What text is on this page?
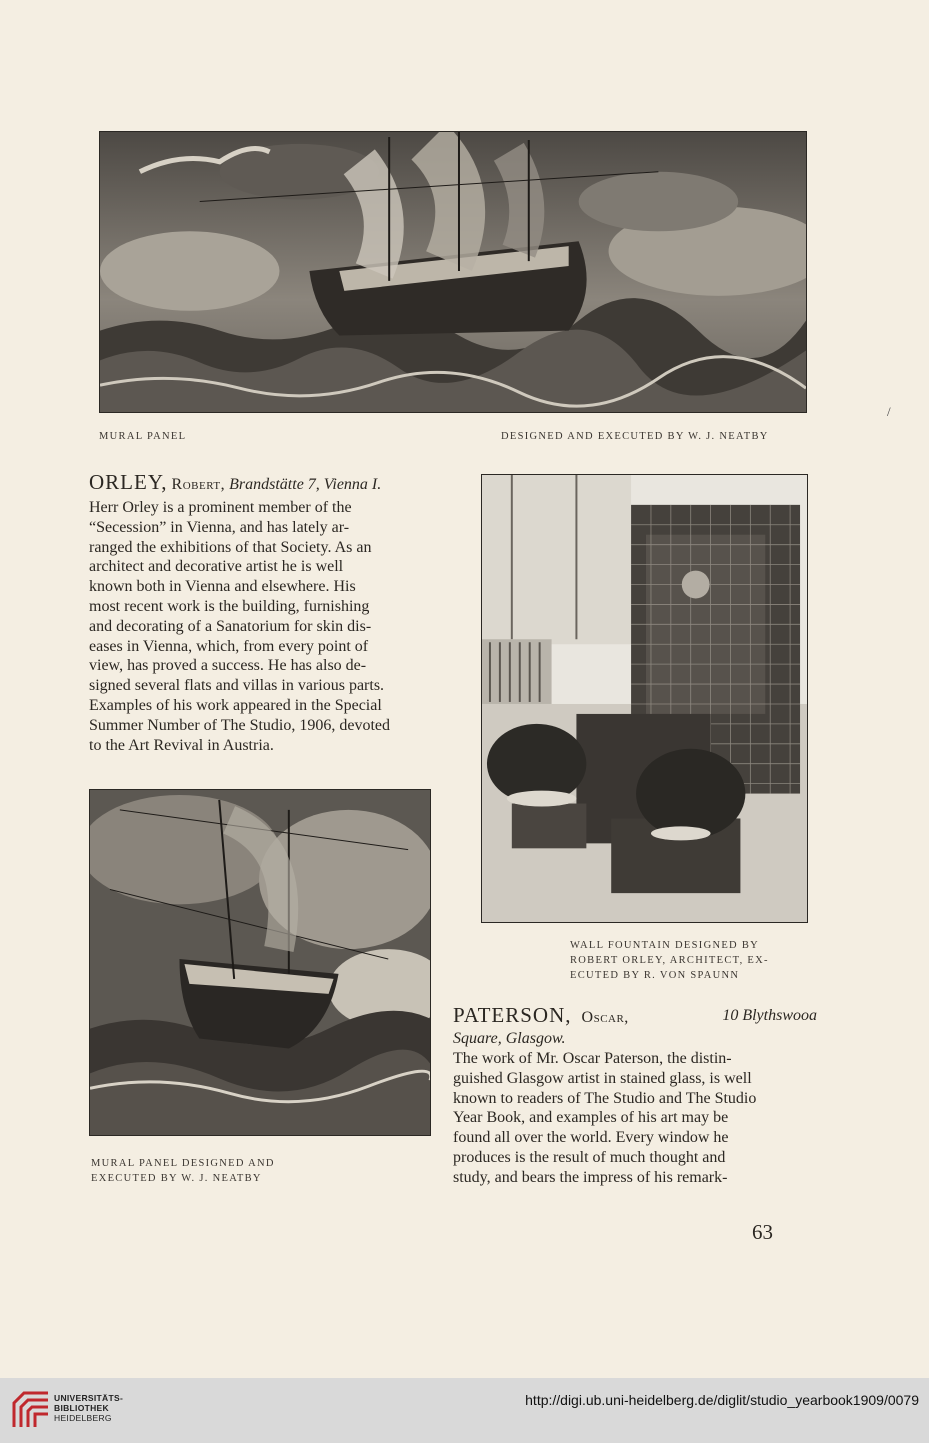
MURAL PANEL	DESIGNED AND EXECUTED BY W. J. NEATBY
/
ORLEY, Robert, Brandstätte 7, Vienna I.
Herr Orley is a prominent member of the
“Secession” in Vienna, and has lately ar-
ranged the exhibitions of that Society. As an
architect and decorative artist he is well
known both in Vienna and elsewhere. His
most recent work is the building, furnishing
and decorating of a Sanatorium for skin dis-
eases in Vienna, which, from every point of
view, has proved a success. He has also de-
signed several flats and villas in various parts.
Examples of his work appeared in the Special
Summer Number of The Studio, 1906, devoted
to the Art Revival in Austria.
WALL FOUNTAIN DESIGNED BY
ROBERT ORLEY, ARCHITECT, EX-
ECUTED BY R. VON SPAUNN
MURAL PANEL DESIGNED AND
EXECUTED BY W. J. NEATBY
PATERSON, Oscar,	10 Blythswooa
Square, Glasgow.
The work of Mr. Oscar Paterson, the distin-
guished Glasgow artist in stained glass, is well
known to readers of The Studio and The Studio
Year Book, and examples of his art may be
found all over the world. Every window he
produces is the result of much thought and
study, and bears the impress of his remark-
63
UNIVERSITÄTS-
BIBLIOTHEK
HEIDELBERG
http://digi.ub.uni-heidelberg.de/diglit/studio_yearbook1909/0079
